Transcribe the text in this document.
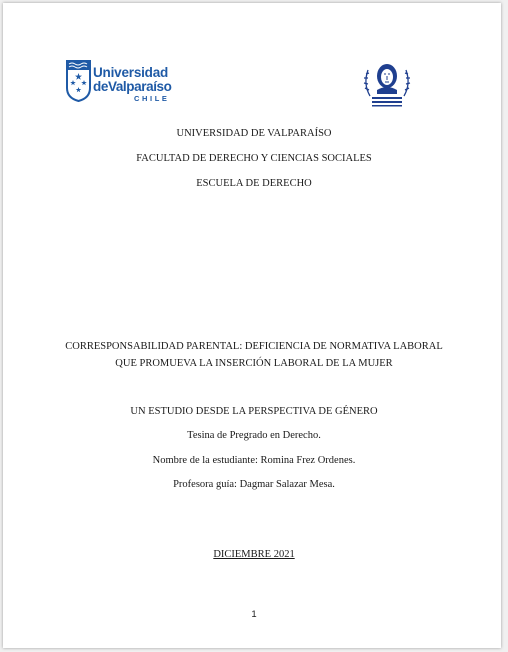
Universidad
deValparaíso
CHILE
UNIVERSIDAD DE VALPARAÍSO
FACULTAD DE DERECHO Y CIENCIAS SOCIALES
ESCUELA DE DERECHO
CORRESPONSABILIDAD PARENTAL: DEFICIENCIA DE NORMATIVA LABORAL
QUE PROMUEVA LA INSERCIÓN LABORAL DE LA MUJER
UN ESTUDIO DESDE LA PERSPECTIVA DE GÉNERO
Tesina de Pregrado en Derecho.
Nombre de la estudiante: Romina Frez Ordenes.
Profesora guía: Dagmar Salazar Mesa.
DICIEMBRE 2021
1
